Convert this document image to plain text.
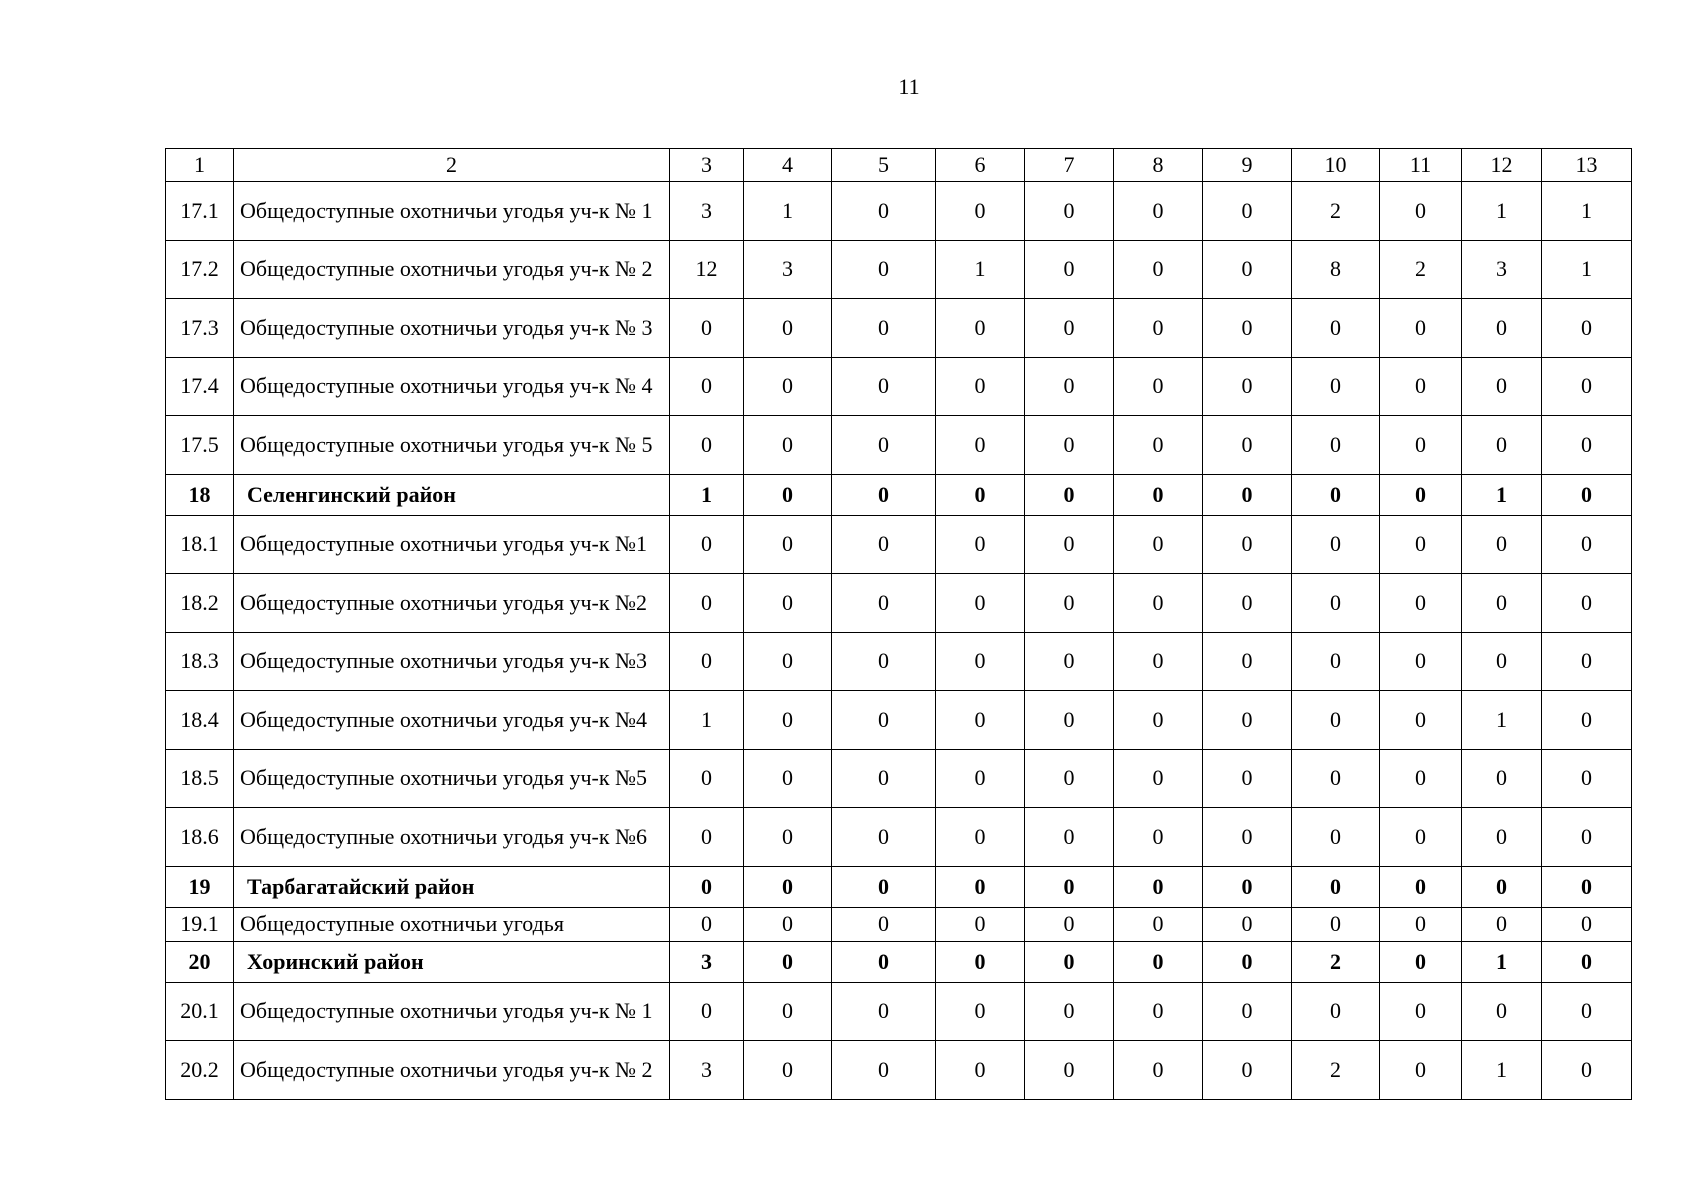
11
1	2	3	4	5	6	7	8	9	10	11	12	13
17.1	Общедоступные охотничьи угодья уч-к № 1	3	1	0	0	0	0	0	2	0	1	1
17.2	Общедоступные охотничьи угодья уч-к № 2	12	3	0	1	0	0	0	8	2	3	1
17.3	Общедоступные охотничьи угодья уч-к № 3	0	0	0	0	0	0	0	0	0	0	0
17.4	Общедоступные охотничьи угодья уч-к № 4	0	0	0	0	0	0	0	0	0	0	0
17.5	Общедоступные охотничьи угодья уч-к № 5	0	0	0	0	0	0	0	0	0	0	0
18	Селенгинский район	1	0	0	0	0	0	0	0	0	1	0
18.1	Общедоступные охотничьи угодья уч-к №1	0	0	0	0	0	0	0	0	0	0	0
18.2	Общедоступные охотничьи угодья уч-к №2	0	0	0	0	0	0	0	0	0	0	0
18.3	Общедоступные охотничьи угодья уч-к №3	0	0	0	0	0	0	0	0	0	0	0
18.4	Общедоступные охотничьи угодья уч-к №4	1	0	0	0	0	0	0	0	0	1	0
18.5	Общедоступные охотничьи угодья уч-к №5	0	0	0	0	0	0	0	0	0	0	0
18.6	Общедоступные охотничьи угодья уч-к №6	0	0	0	0	0	0	0	0	0	0	0
19	Тарбагатайский район	0	0	0	0	0	0	0	0	0	0	0
19.1	Общедоступные охотничьи угодья	0	0	0	0	0	0	0	0	0	0	0
20	Хоринский район	3	0	0	0	0	0	0	2	0	1	0
20.1	Общедоступные охотничьи угодья уч-к № 1	0	0	0	0	0	0	0	0	0	0	0
20.2	Общедоступные охотничьи угодья уч-к № 2	3	0	0	0	0	0	0	2	0	1	0
